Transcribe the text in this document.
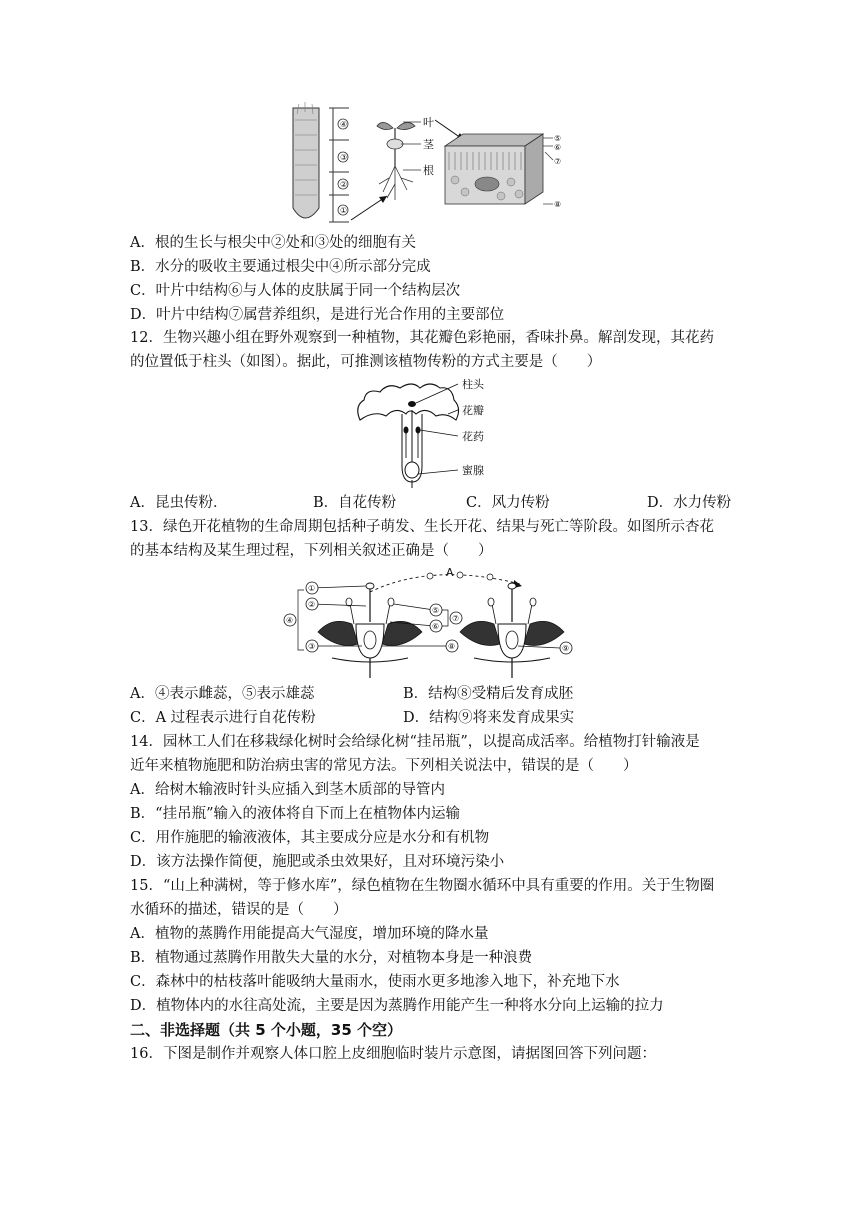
④
③
②
①
叶
茎
根
⑤
⑥
⑦
⑧
A．根的生长与根尖中②处和③处的细胞有关
B．水分的吸收主要通过根尖中④所示部分完成
C．叶片中结构⑥与人体的皮肤属于同一个结构层次
D．叶片中结构⑦属营养组织，是进行光合作用的主要部位
12．生物兴趣小组在野外观察到一种植物，其花瓣色彩艳丽，香味扑鼻。解剖发现，其花药
的位置低于柱头（如图）。据此，可推测该植物传粉的方式主要是（　　）
柱头
花瓣
花药
蜜腺
A．昆虫传粉．	B．自花传粉	C．风力传粉	D．水力传粉
13．绿色开花植物的生命周期包括种子萌发、生长开花、结果与死亡等阶段。如图所示杏花
的基本结构及某生理过程，下列相关叙述正确是（　　）
A
①
②
④
③
⑤
⑥
⑦
⑧	⑨
A．④表示雌蕊，⑤表示雄蕊	B．结构⑧受精后发育成胚
C．A 过程表示进行自花传粉	D．结构⑨将来发育成果实
14．园林工人们在移栽绿化树时会给绿化树“挂吊瓶”，以提高成活率。给植物打针输液是
近年来植物施肥和防治病虫害的常见方法。下列相关说法中，错误的是（　　）
A．给树木输液时针头应插入到茎木质部的导管内
B．“挂吊瓶”输入的液体将自下而上在植物体内运输
C．用作施肥的输液液体，其主要成分应是水分和有机物
D．该方法操作简便，施肥或杀虫效果好，且对环境污染小
15．“山上种满树，等于修水库”，绿色植物在生物圈水循环中具有重要的作用。关于生物圈
水循环的描述，错误的是（　　）
A．植物的蒸腾作用能提高大气湿度，增加环境的降水量
B．植物通过蒸腾作用散失大量的水分，对植物本身是一种浪费
C．森林中的枯枝落叶能吸纳大量雨水，使雨水更多地渗入地下，补充地下水
D．植物体内的水往高处流，主要是因为蒸腾作用能产生一种将水分向上运输的拉力
二、非选择题（共 5 个小题，35 个空）
16．下图是制作并观察人体口腔上皮细胞临时装片示意图，请据图回答下列问题：
